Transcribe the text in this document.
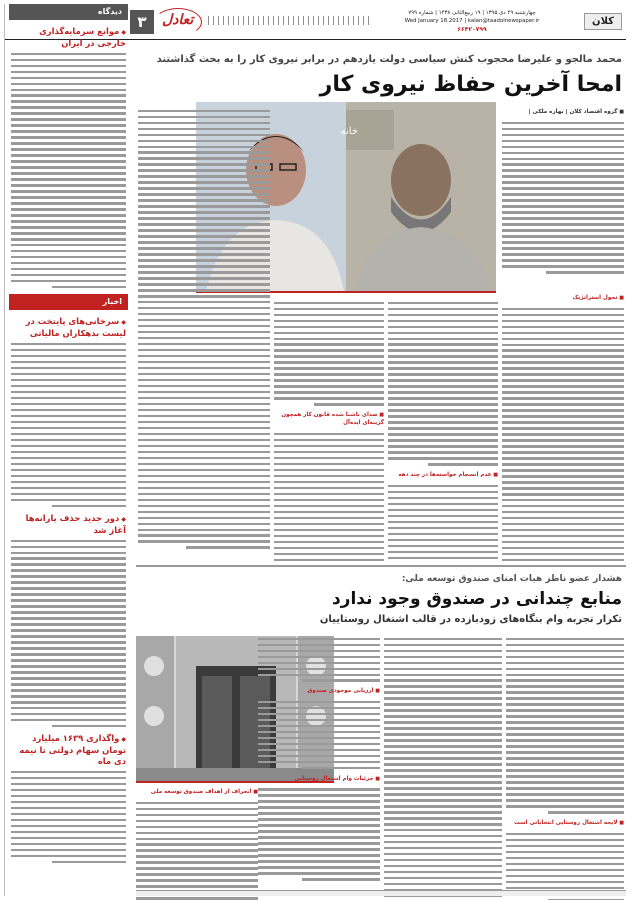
کلان
چهارشنبه ۲۹ دی ۱۳۹۵ | ۱۹ ربیع‌الثانی ۱۴۳۸ | شماره ۷۹۹
Wed January 18.2017 | kalan@taadolnewspaper.ir
۶۶۴۲۰۷۹۹
تعادل
۳
دیدگاه
◆ موانع سرمایه‌گذاری خارجی در ایران
اخبار
◆ سرخانی‌های پایتخت در لیست بدهکاران مالیاتی
◆ دور جدید حذف یارانه‌ها آغاز شد
◆ واگذاری ۱۶۳۹ میلیارد تومان سهام دولتی تا نیمه دی ماه
محمد مالجو و علیرضا محجوب کنش سیاسی دولت یازدهم در برابر نیروی کار را به بحث گذاشتند
امحا آخرین حفاظ نیروی کار
■ گروه اقتصاد کلان | بهاره ملکی |
خانه
■ تحول استراتژیک
■ عدم انسجام خواسته‌ها در چند دهه
■ صدای ناشنا شده قانون کار همچون گزینه‌ای ایده‌آل
هشدار عضو ناظر هیات امنای صندوق توسعه ملی:
منابع چندانی در صندوق وجود ندارد
تکرار تجربه وام بنگاه‌های زودبازده در قالب اشتغال روستاییان
■ لایحه اشتغال روستایی انتخاباتی است
■ ارزیابی موجودی صندوق
■ جزئیات وام اشتغال روستایی
■ انحراف از اهداف صندوق توسعه ملی
